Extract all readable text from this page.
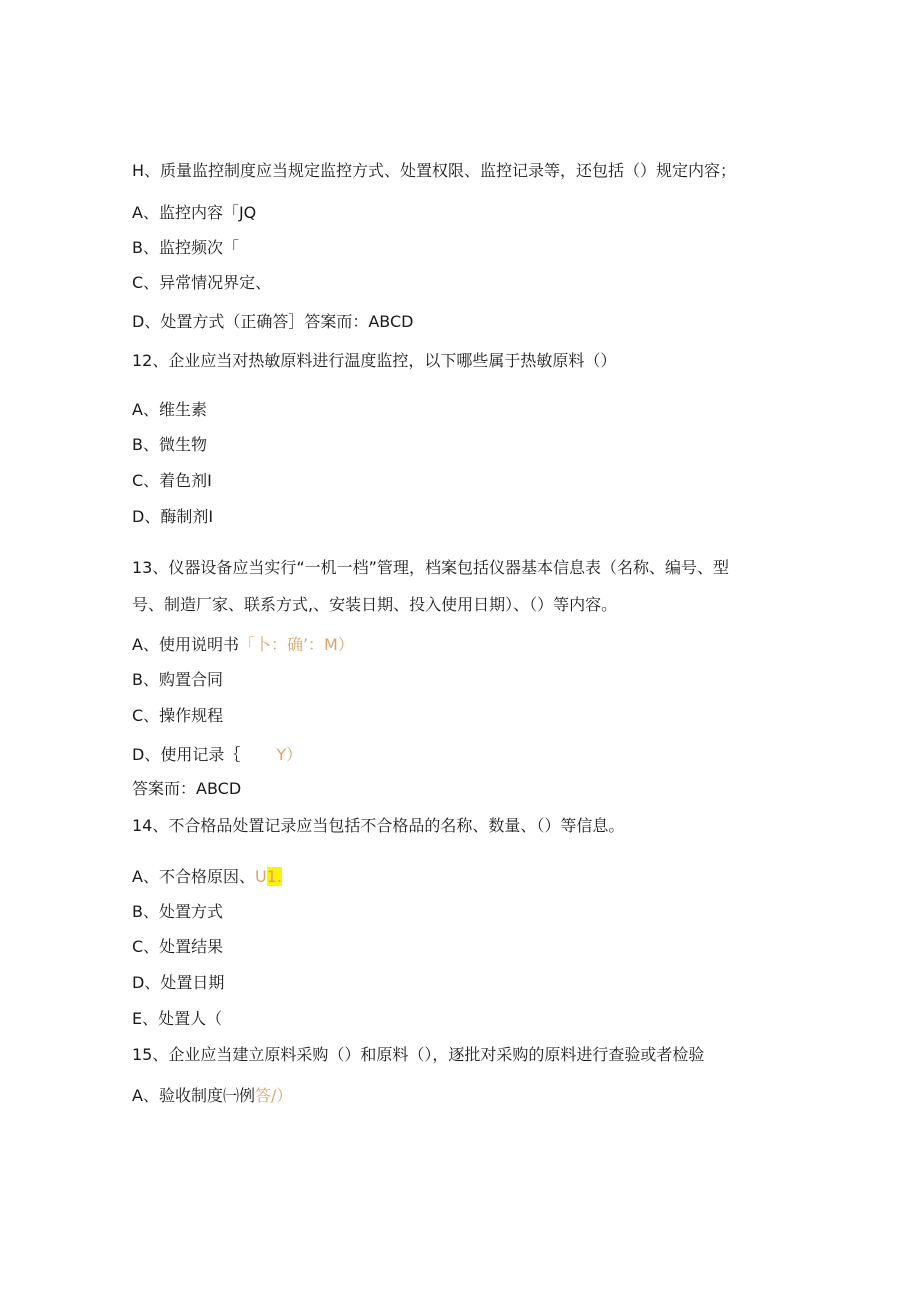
H、质量监控制度应当规定监控方式、处置权限、监控记录等，还包括（）规定内容；
A、监控内容「JQ
B、监控频次「
C、异常情况界定、
D、处置方式（正确答］答案而：ABCD
12、企业应当对热敏原料进行温度监控，以下哪些属于热敏原料（）
A、维生素
B、微生物
C、着色剂I
D、酶制剂I
13、仪器设备应当实行“一机一档”管理，档案包括仪器基本信息表（名称、编号、型
号、制造厂家、联系方式,、安装日期、投入使用日期）、（）等内容。
A、使用说明书「卜：确’：M）
B、购置合同
C、操作规程
D、使用记录｛ Y）
答案而：ABCD
14、不合格品处置记录应当包括不合格品的名称、数量、（）等信息。
A、不合格原因、U1.
B、处置方式
C、处置结果
D、处置日期
E、处置人（
15、企业应当建立原料采购（）和原料（），逐批对采购的原料进行查验或者检验
A、验收制度㈠例答/）
